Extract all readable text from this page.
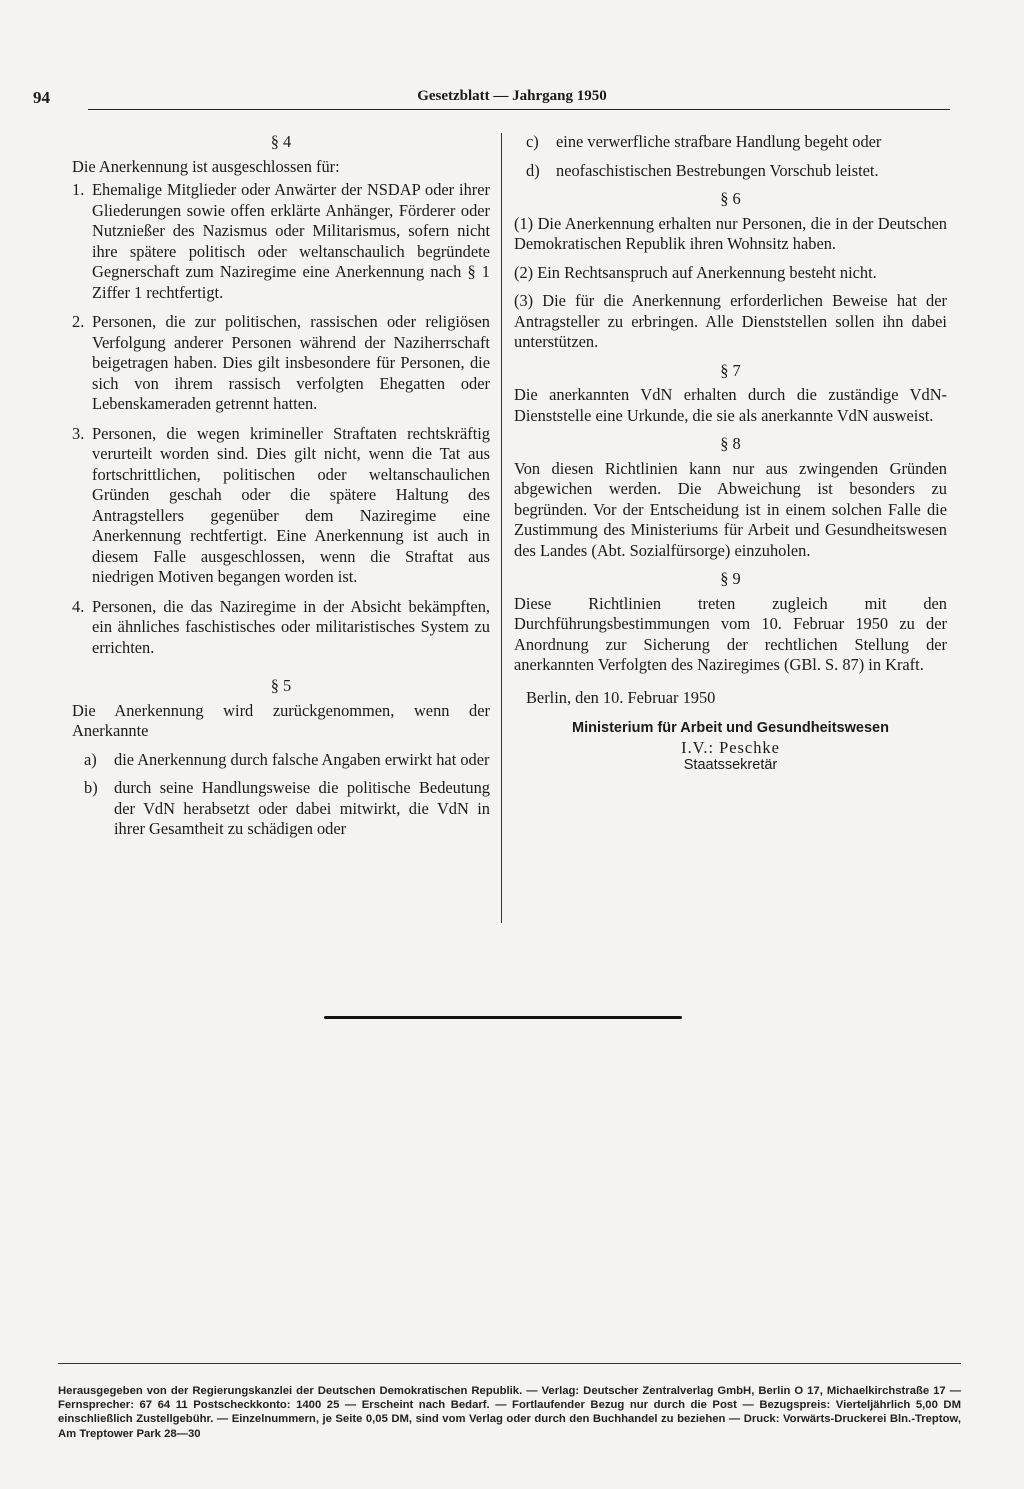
94	Gesetzblatt — Jahrgang 1950
§ 4
Die Anerkennung ist ausgeschlossen für:
1. Ehemalige Mitglieder oder Anwärter der NSDAP oder ihrer Gliederungen sowie offen erklärte Anhänger, Förderer oder Nutznießer des Nazismus oder Militarismus, sofern nicht ihre spätere politisch oder weltanschaulich begründete Gegnerschaft zum Naziregime eine Anerkennung nach § 1 Ziffer 1 rechtfertigt.
2. Personen, die zur politischen, rassischen oder religiösen Verfolgung anderer Personen während der Naziherrschaft beigetragen haben. Dies gilt insbesondere für Personen, die sich von ihrem rassisch verfolgten Ehegatten oder Lebenskameraden getrennt hatten.
3. Personen, die wegen krimineller Straftaten rechtskräftig verurteilt worden sind. Dies gilt nicht, wenn die Tat aus fortschrittlichen, politischen oder weltanschaulichen Gründen geschah oder die spätere Haltung des Antragstellers gegenüber dem Naziregime eine Anerkennung rechtfertigt. Eine Anerkennung ist auch in diesem Falle ausgeschlossen, wenn die Straftat aus niedrigen Motiven begangen worden ist.
4. Personen, die das Naziregime in der Absicht bekämpften, ein ähnliches faschistisches oder militaristisches System zu errichten.
§ 5
Die Anerkennung wird zurückgenommen, wenn der Anerkannte
a)	die Anerkennung durch falsche Angaben erwirkt hat oder
b) durch seine Handlungsweise die politische Bedeutung der VdN herabsetzt oder dabei mitwirkt, die VdN in ihrer Gesamtheit zu schädigen oder
c)	eine verwerfliche strafbare Handlung begeht oder
d) neofaschistischen Bestrebungen Vorschub leistet.
§ 6
(1) Die Anerkennung erhalten nur Personen, die in der Deutschen Demokratischen Republik ihren Wohnsitz haben.
(2) Ein Rechtsanspruch auf Anerkennung besteht nicht.
(3) Die für die Anerkennung erforderlichen Beweise hat der Antragsteller zu erbringen. Alle Dienststellen sollen ihn dabei unterstützen.
§ 7
Die anerkannten VdN erhalten durch die zuständige VdN-Dienststelle eine Urkunde, die sie als anerkannte VdN ausweist.
§ 8
Von diesen Richtlinien kann nur aus zwingenden Gründen abgewichen werden. Die Abweichung ist besonders zu begründen. Vor der Entscheidung ist in einem solchen Falle die Zustimmung des Ministeriums für Arbeit und Gesundheitswesen des Landes (Abt. Sozialfürsorge) einzuholen.
§ 9
Diese Richtlinien treten zugleich mit den Durchführungsbestimmungen vom 10. Februar 1950 zu der Anordnung zur Sicherung der rechtlichen Stellung der anerkannten Verfolgten des Naziregimes (GBl. S. 87) in Kraft.
Berlin, den 10. Februar 1950
Ministerium für Arbeit und Gesundheitswesen
I.V.: Peschke
Staatssekretär
Herausgegeben von der Regierungskanzlei der Deutschen Demokratischen Republik. — Verlag: Deutscher Zentralverlag GmbH, Berlin O 17, Michaelkirchstraße 17 — Fernsprecher: 67 64 11 Postscheckkonto: 1400 25 — Erscheint nach Bedarf. — Fortlaufender Bezug nur durch die Post — Bezugspreis: Vierteljährlich 5,00 DM einschließlich Zustellgebühr. — Einzelnummern, je Seite 0,05 DM, sind vom Verlag oder durch den Buchhandel zu beziehen — Druck: Vorwärts-Druckerei Bln.-Treptow, Am Treptower Park 28—30
